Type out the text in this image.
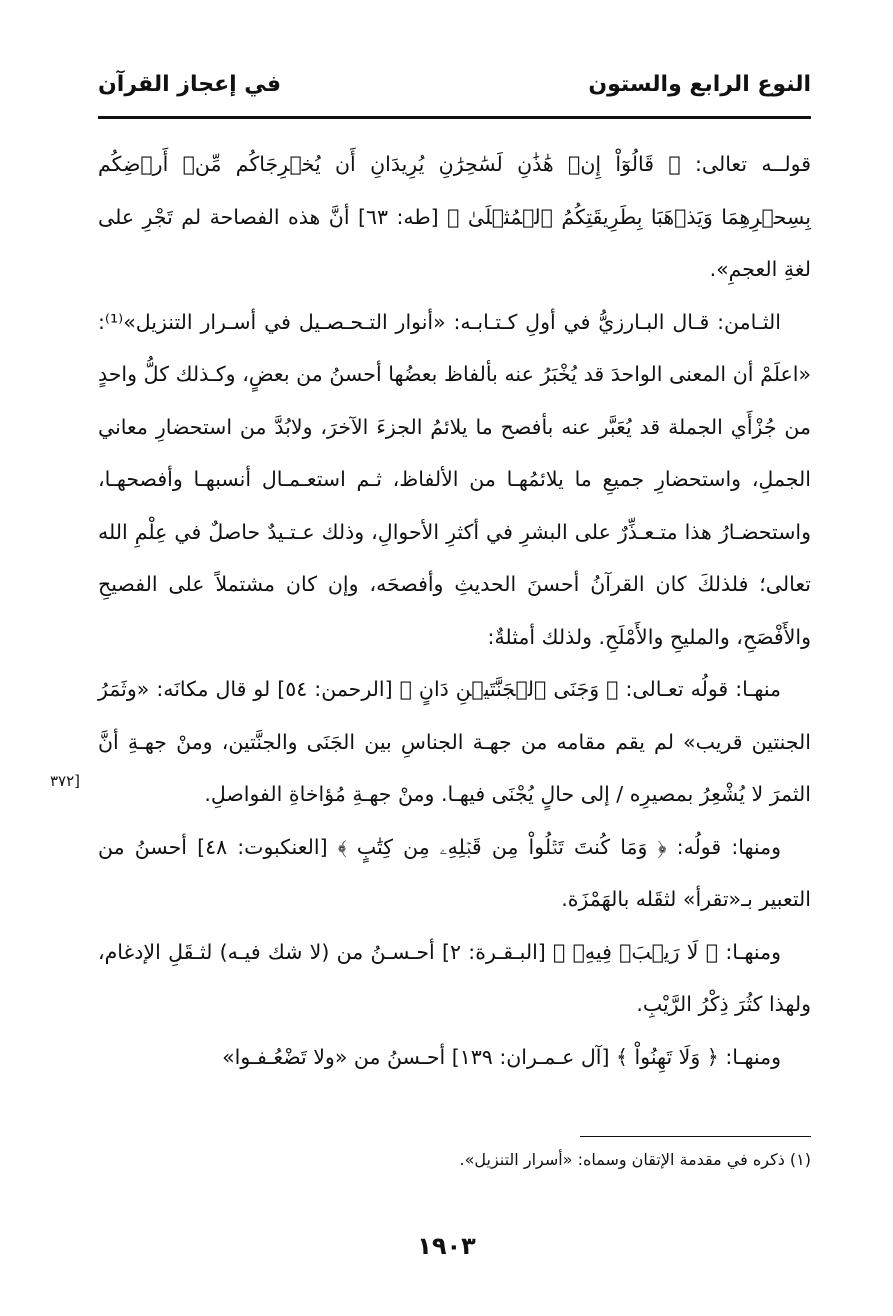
النوع الرابع والستون
في إعجاز القرآن

قولــه تعالى: ﴿ قَالُوٓاْ إِنۡ هَٰذَٰنِ لَسَٰحِرَٰنِ يُرِيدَانِ أَن يُخۡرِجَاكُم مِّنۡ أَرۡضِكُم بِسِحۡرِهِمَا وَيَذۡهَبَا بِطَرِيقَتِكُمُ ٱلۡمُثۡلَىٰ ﴾ [طه: ٦٣] أنَّ هذه الفصاحة لم تَجْرِ على لغةِ العجمِ».

الثـامن: قـال البـارزيُّ في أولِ كـتـابـه: «أنوار التـحـصـيل في أسـرار التنزيل»⁽¹⁾: «اعلَمْ أن المعنى الواحدَ قد يُخْبَرُ عنه بألفاظ بعضُها أحسنُ من بعضٍ، وكـذلك كلُّ واحدٍ من جُزْأَي الجملة قد يُعَبَّر عنه بأفصح ما يلائمُ الجزءَ الآخرَ، ولابُدَّ من استحضارِ معاني الجملِ، واستحضارِ جميعِ ما يلائمُهـا من الألفاظ، ثـم استعـمـال أنسبهـا وأفصحهـا، واستحضـارُ هذا متـعـذِّرٌ على البشرِ في أكثرِ الأحوالِ، وذلك عـتـيدٌ حاصلٌ في عِلْمِ الله تعالى؛ فلذلكَ كان القرآنُ أحسنَ الحديثِ وأفصحَه، وإن كان مشتملاً على الفصيحِ والأَفْصَحِ، والمليحِ والأَمْلَحِ. ولذلك أمثلةٌ:

منهـا: قولُه تعـالى: ﴿ وَجَنَى ٱلۡجَنَّتَيۡنِ دَانٍ ﴾ [الرحمن: ٥٤] لو قال مكانَه: «وثَمَرُ الجنتين قريب» لم يقم مقامه من جهـة الجناسِ بين الجَنَى والجنَّتين، ومنْ جهـةِ أنَّ الثمرَ لا يُشْعِرُ بمصيرِه / إلى حالٍ يُجْنَى فيهـا. ومنْ جهـةِ مُؤاخاةِ الفواصلِ.

ومنها: قولُه: ﴿ وَمَا كُنتَ تَتۡلُواْ مِن قَبۡلِهِۦ مِن كِتَٰبٍ ﴾ [العنكبوت: ٤٨] أحسنُ من التعبير بـ«تقرأ» لثقَله بالهَمْزَة.

ومنهـا: ﴿ لَا رَيۡبَۛ فِيهِۛ ﴾ [البـقـرة: ٢] أحـسـنُ من (لا شك فيـه) لثـقَلِ الإدغام، ولهذا كثُرَ ذِكْرُ الرَّيْبِ.

ومنهـا: ﴿ وَلَا تَهِنُواْ ﴾ [آل عـمـران: ١٣٩] أحـسنُ من «ولا تَضْعُـفـوا»

[٣٧٢
(١) ذكره في مقدمة الإتقان وسماه: «أسرار التنزيل».
١٩٠٣
